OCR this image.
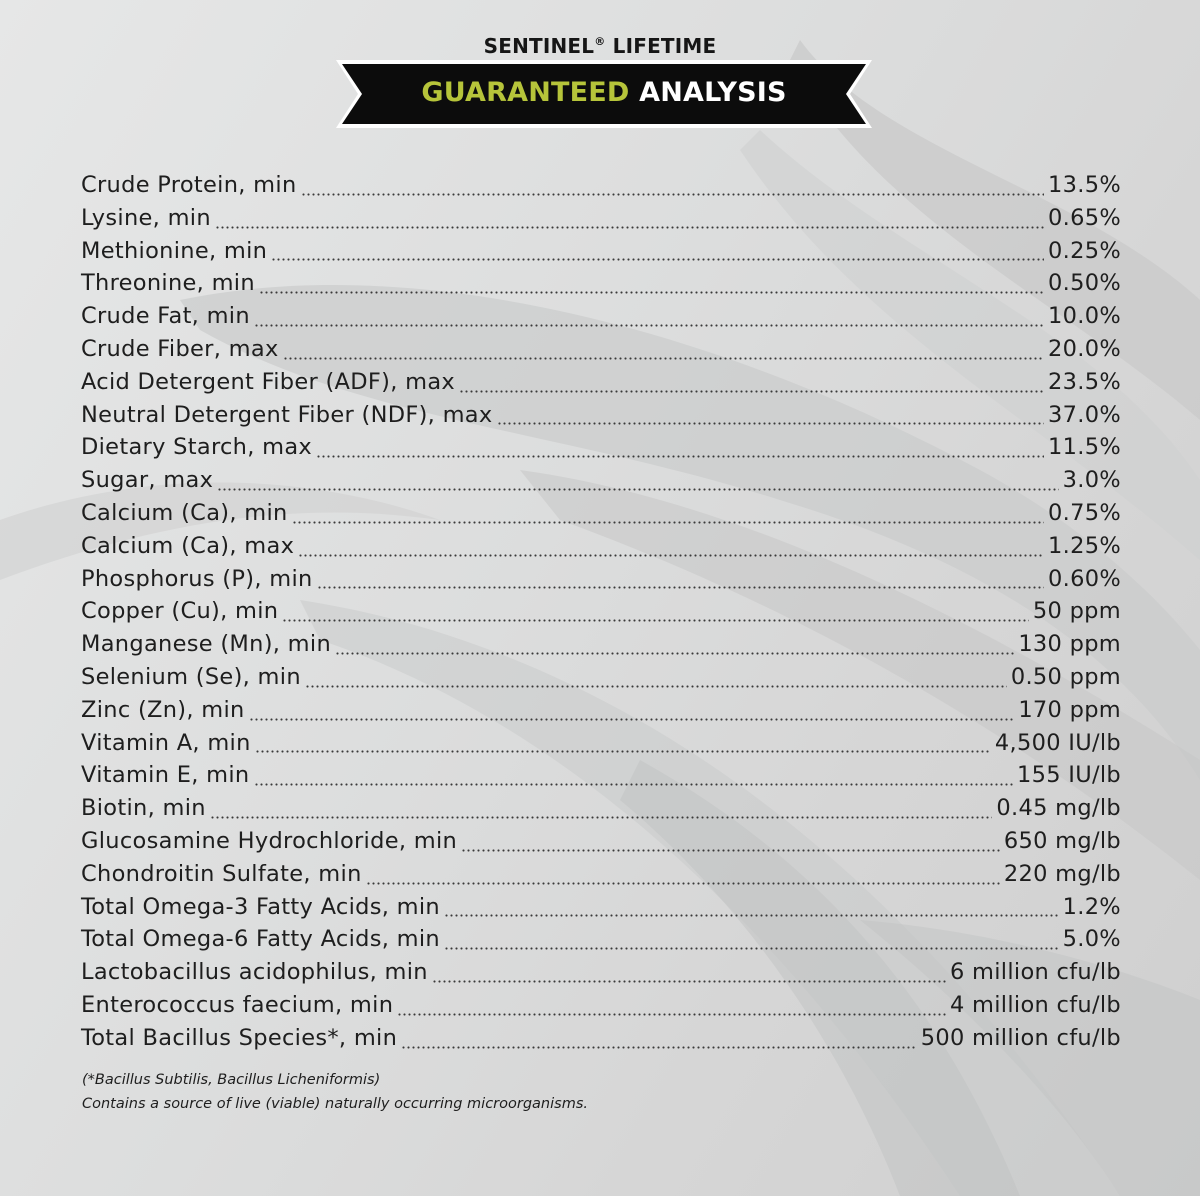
SENTINEL® LIFETIME
GUARANTEED ANALYSIS
Crude Protein, min	13.5%
Lysine, min	0.65%
Methionine, min	0.25%
Threonine, min	0.50%
Crude Fat, min	10.0%
Crude Fiber, max	20.0%
Acid Detergent Fiber (ADF), max	23.5%
Neutral Detergent Fiber (NDF), max	37.0%
Dietary Starch, max	11.5%
Sugar, max	3.0%
Calcium (Ca), min	0.75%
Calcium (Ca), max	1.25%
Phosphorus (P), min	0.60%
Copper (Cu), min	50 ppm
Manganese (Mn), min	130 ppm
Selenium (Se), min	0.50 ppm
Zinc (Zn), min	170 ppm
Vitamin A, min	4,500 IU/lb
Vitamin E, min	155 IU/lb
Biotin, min	0.45 mg/lb
Glucosamine Hydrochloride, min	650 mg/lb
Chondroitin Sulfate, min	220 mg/lb
Total Omega-3 Fatty Acids, min	1.2%
Total Omega-6 Fatty Acids, min	5.0%
Lactobacillus acidophilus, min	6 million cfu/lb
Enterococcus faecium, min	4 million cfu/lb
Total Bacillus Species*, min	500 million cfu/lb
(*Bacillus Subtilis, Bacillus Licheniformis)
Contains a source of live (viable) naturally occurring microorganisms.
